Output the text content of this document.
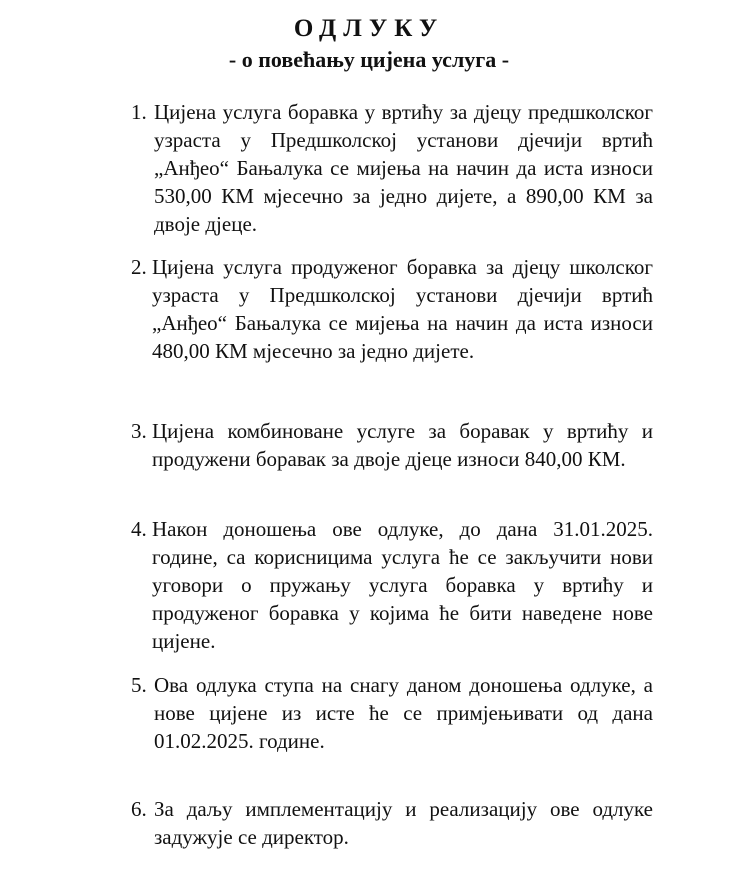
ОДЛУКУ
- о повећању цијена услуга -
1. Цијена услуга боравка у вртићу за дјецу предшколског узраста у Предшколској установи дјечији вртић „Анђео“ Бањалука се мијења на начин да иста износи 530,00 КМ мјесечно за једно дијете, а 890,00 КМ за двоје дјеце.
2. Цијена услуга продуженог боравка за дјецу школског узраста у Предшколској установи дјечији вртић „Анђео“ Бањалука се мијења на начин да иста износи 480,00 КМ мјесечно за једно дијете.
3. Цијена комбиноване услуге за боравак у вртићу и продужени боравак за двоје дјеце износи 840,00 КМ.
4. Након доношења ове одлуке, до дана 31.01.2025. године, са корисницима услуга ће се закључити нови уговори о пружању услуга боравка у вртићу и продуженог боравка у којима ће бити наведене нове цијене.
5. Ова одлука ступа на снагу даном доношења одлуке, а нове цијене из исте ће се примјењивати од дана 01.02.2025. године.
6. За даљу имплементацију и реализацију ове одлуке задужује се директор.
